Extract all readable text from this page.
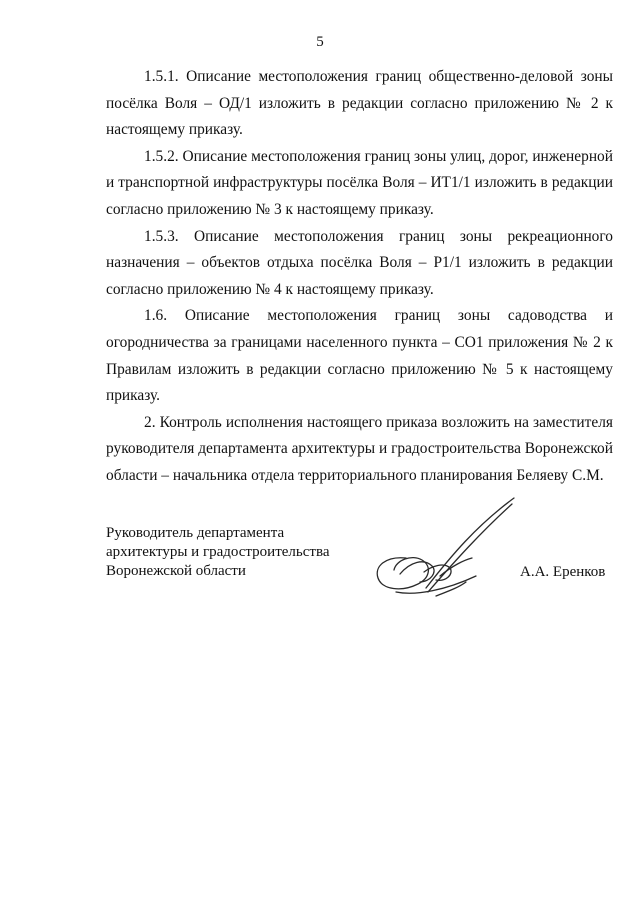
5

1.5.1. Описание местоположения границ общественно-деловой зоны посёлка Воля – ОД/1 изложить в редакции согласно приложению № 2 к настоящему приказу.

1.5.2. Описание местоположения границ зоны улиц, дорог, инженерной и транспортной инфраструктуры посёлка Воля – ИТ1/1 изложить в редакции согласно приложению № 3 к настоящему приказу.

1.5.3. Описание местоположения границ зоны рекреационного назначения – объектов отдыха посёлка Воля – Р1/1 изложить в редакции согласно приложению № 4 к настоящему приказу.

1.6. Описание местоположения границ зоны садоводства и огородничества за границами населенного пункта – СО1 приложения № 2 к Правилам изложить в редакции согласно приложению № 5 к настоящему приказу.

2. Контроль исполнения настоящего приказа возложить на заместителя руководителя департамента архитектуры и градостроительства Воронежской области – начальника отдела территориального планирования Беляеву С.М.

Руководитель департамента
архитектуры и градостроительства
Воронежской области	А.А. Еренков
